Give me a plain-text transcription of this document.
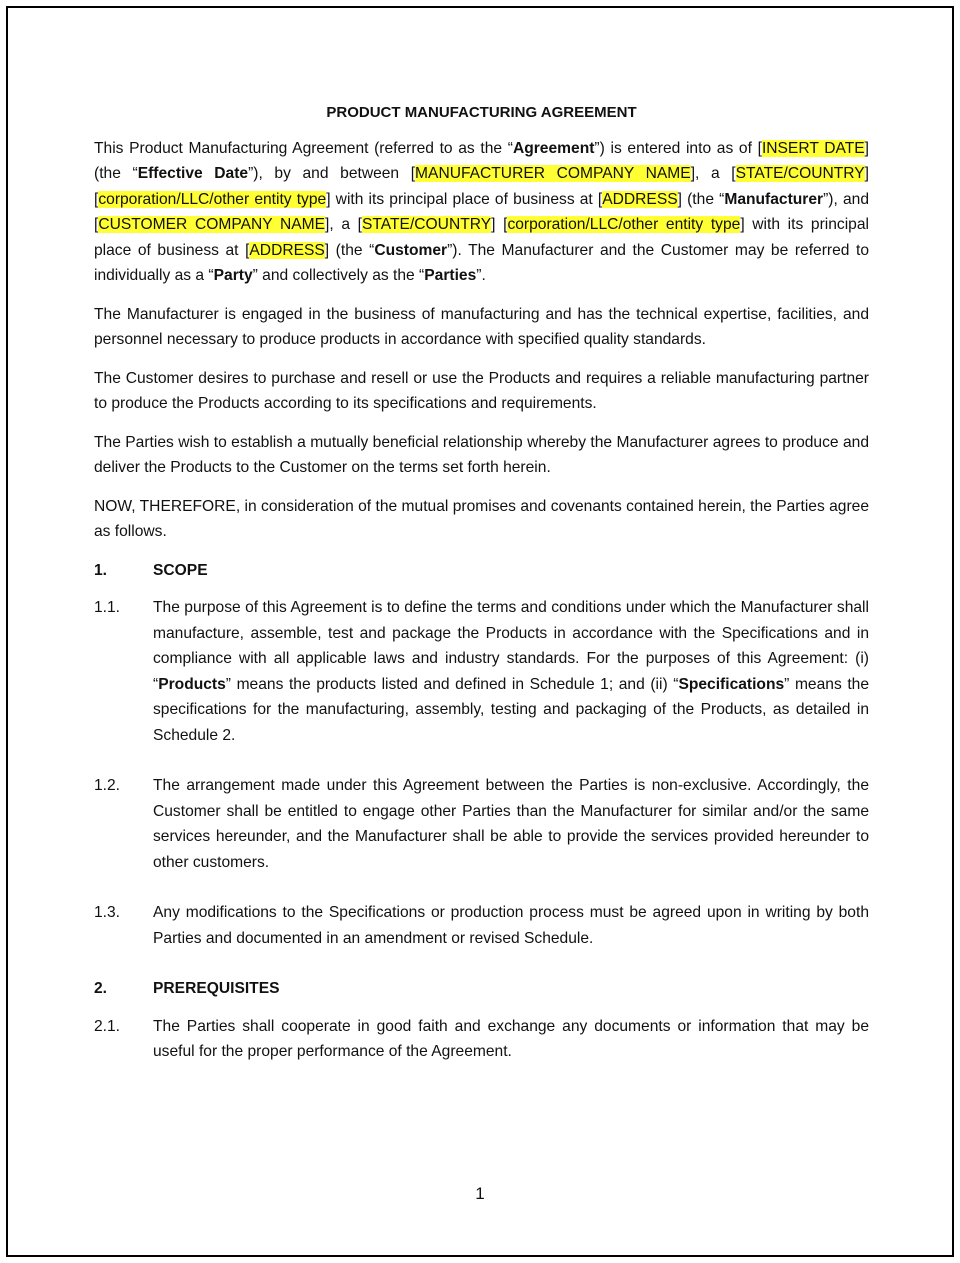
PRODUCT MANUFACTURING AGREEMENT

This Product Manufacturing Agreement (referred to as the “Agreement”) is entered into as of [INSERT DATE] (the “Effective Date”), by and between [MANUFACTURER COMPANY NAME], a [STATE/COUNTRY] [corporation/LLC/other entity type] with its principal place of business at [ADDRESS] (the “Manufacturer”), and [CUSTOMER COMPANY NAME], a [STATE/COUNTRY] [corporation/LLC/other entity type] with its principal place of business at [ADDRESS] (the “Customer”). The Manufacturer and the Customer may be referred to individually as a “Party” and collectively as the “Parties”.

The Manufacturer is engaged in the business of manufacturing and has the technical expertise, facilities, and personnel necessary to produce products in accordance with specified quality standards.

The Customer desires to purchase and resell or use the Products and requires a reliable manufacturing partner to produce the Products according to its specifications and requirements.

The Parties wish to establish a mutually beneficial relationship whereby the Manufacturer agrees to produce and deliver the Products to the Customer on the terms set forth herein.

NOW, THEREFORE, in consideration of the mutual promises and covenants contained herein, the Parties agree as follows.

1.	SCOPE
1.1.	The purpose of this Agreement is to define the terms and conditions under which the Manufacturer shall manufacture, assemble, test and package the Products in accordance with the Specifications and in compliance with all applicable laws and industry standards. For the purposes of this Agreement: (i) “Products” means the products listed and defined in Schedule 1; and (ii) “Specifications” means the specifications for the manufacturing, assembly, testing and packaging of the Products, as detailed in Schedule 2.
1.2.	The arrangement made under this Agreement between the Parties is non-exclusive. Accordingly, the Customer shall be entitled to engage other Parties than the Manufacturer for similar and/or the same services hereunder, and the Manufacturer shall be able to provide the services provided hereunder to other customers.
1.3.	Any modifications to the Specifications or production process must be agreed upon in writing by both Parties and documented in an amendment or revised Schedule.
2.	PREREQUISITES
2.1.	The Parties shall cooperate in good faith and exchange any documents or information that may be useful for the proper performance of the Agreement.
1
